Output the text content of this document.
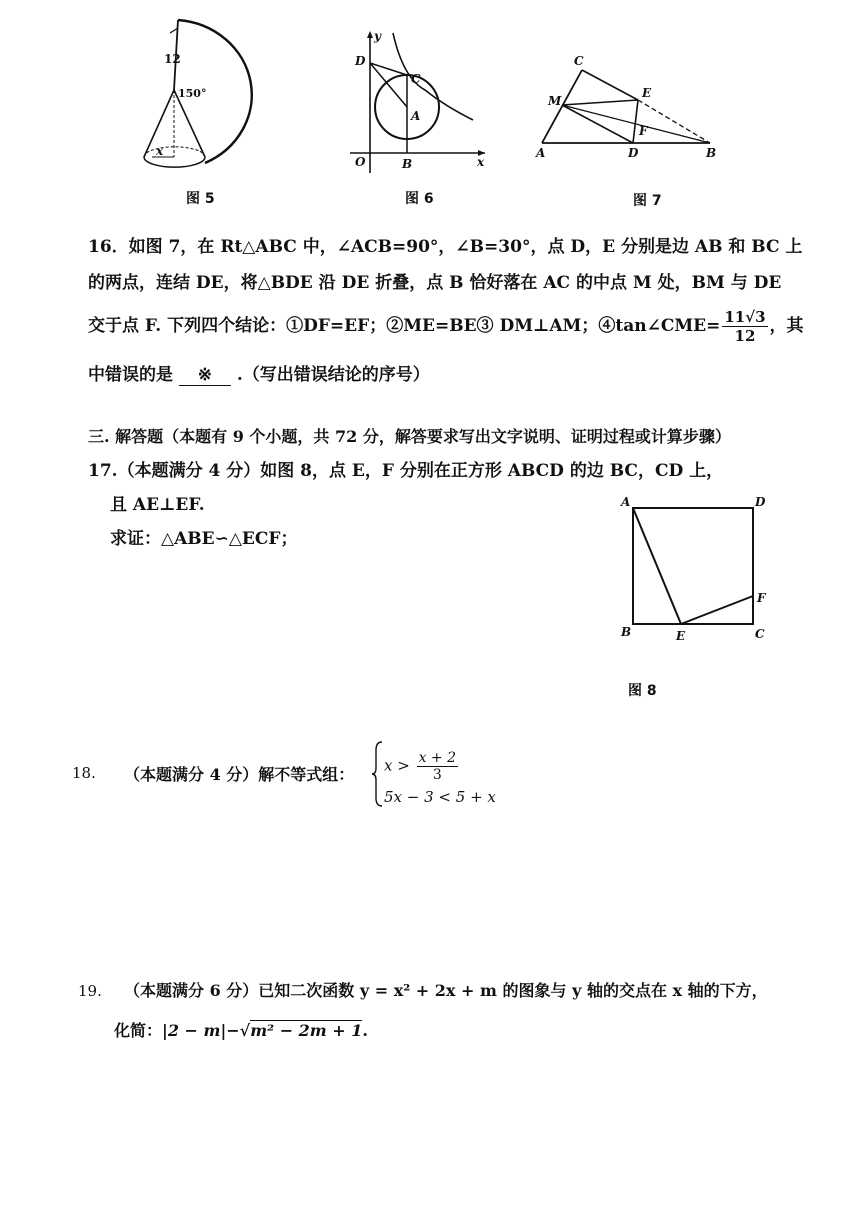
12
150°
x
图 5
y
x
O
D
C
A
B
图 6
C
M
E
F
A	D	B
图 7
16．如图 7，在 Rt△ABC 中，∠ACB=90°，∠B=30°，点 D，E 分别是边 AB 和 BC 上
的两点，连结 DE，将△BDE 沿 DE 折叠，点 B 恰好落在 AC 的中点 M 处，BM 与 DE
交于点 F. 下列四个结论：①DF=EF；②ME=BE③ DM⊥AM；④tan∠CME= $\frac{11√3}{12}$ ，其
中错误的是 ※ .（写出错误结论的序号）
三. 解答题（本题有 9 个小题，共 72 分，解答要求写出文字说明、证明过程或计算步骤）
17.（本题满分 4 分）如图 8，点 E，F 分别在正方形 ABCD 的边 BC，CD 上，
且 AE⊥EF.
求证：△ABE∽△ECF；
A	D
F
B	E	C
图 8
18. （本题满分 4 分）解不等式组： $x > \frac{x + 2}{3}$
5x − 3 < 5 + x
19. （本题满分 6 分）已知二次函数 y = x² + 2x + m 的图象与 y 轴的交点在 x 轴的下方，
化简：|2 − m|−√m² − 2m + 1.
